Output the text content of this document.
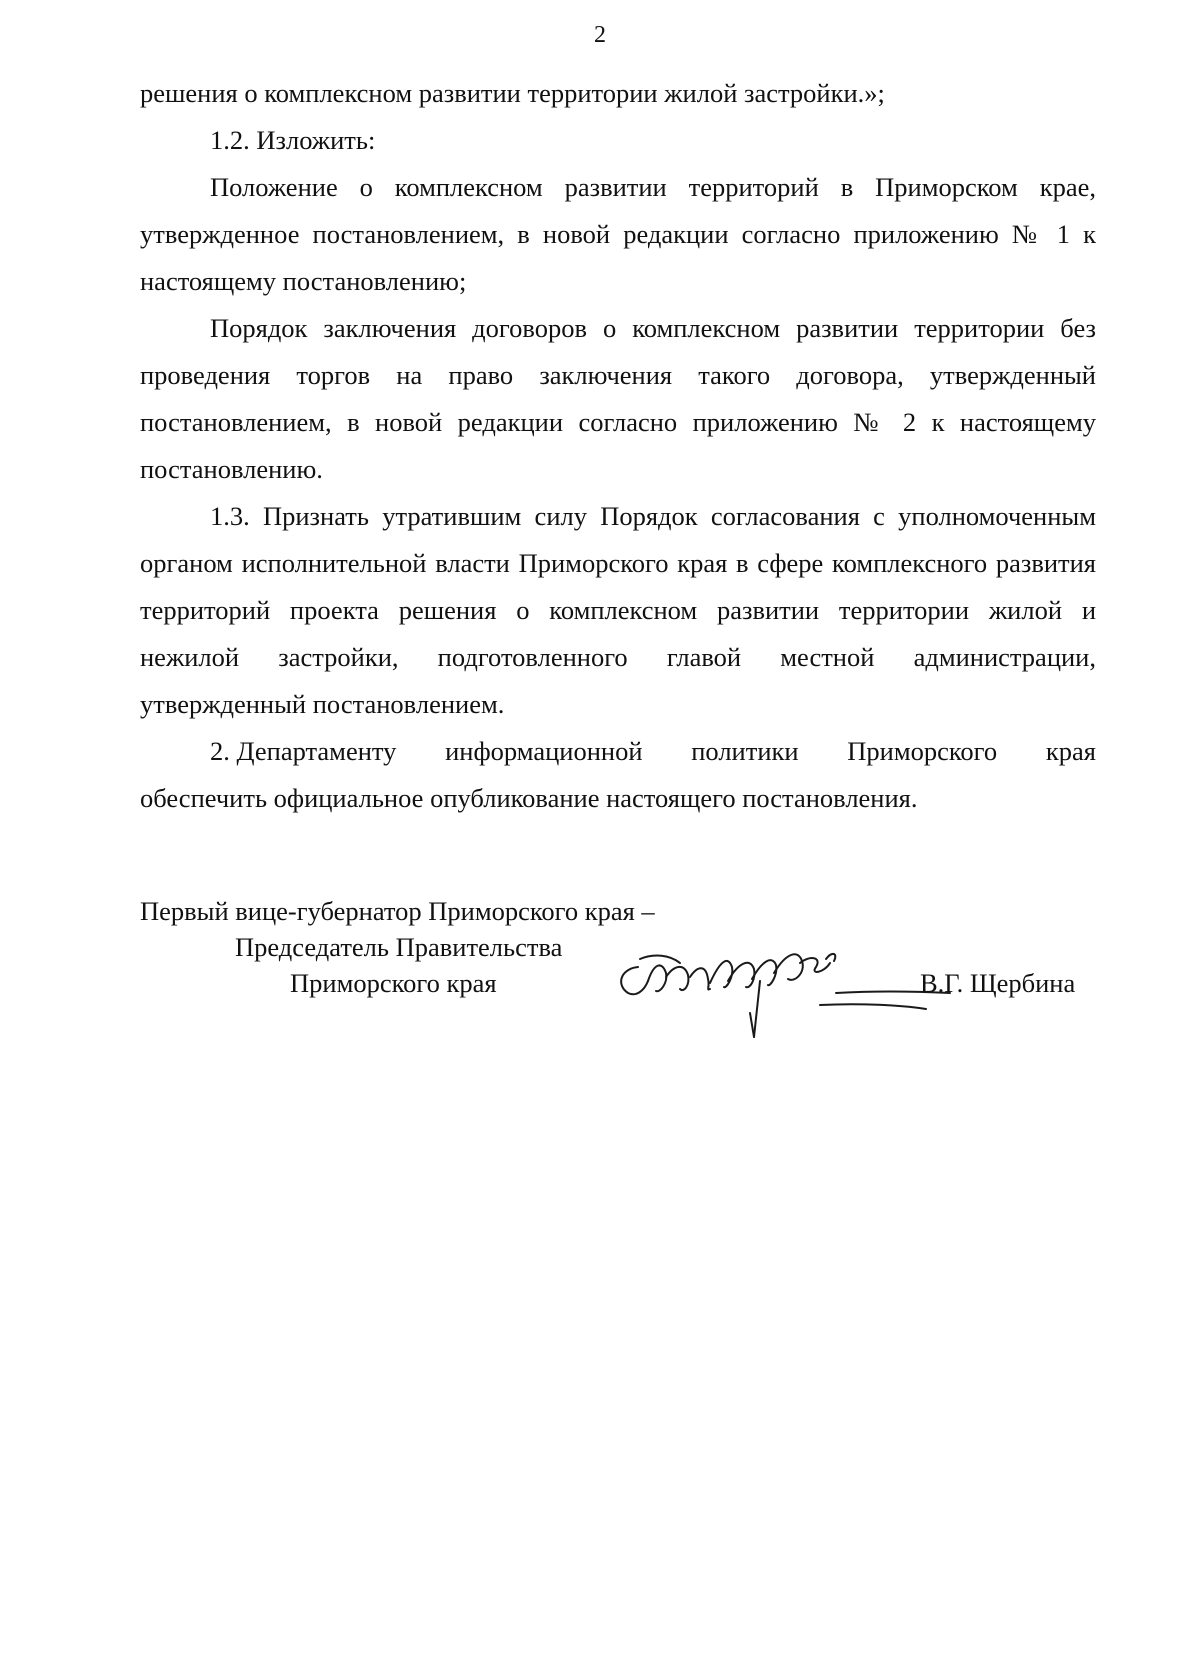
2

решения о комплексном развитии территории жилой застройки.»;

1.2. Изложить:

Положение о комплексном развитии территорий в Приморском крае, утвержденное постановлением, в новой редакции согласно приложению № 1 к настоящему постановлению;

Порядок заключения договоров о комплексном развитии территории без проведения торгов на право заключения такого договора, утвержденный постановлением, в новой редакции согласно приложению № 2 к настоящему постановлению.

1.3. Признать утратившим силу Порядок согласования с уполномоченным органом исполнительной власти Приморского края в сфере комплексного развития территорий проекта решения о комплексном развитии территории жилой и нежилой застройки, подготовленного главой местной администрации, утвержденный постановлением.

2. Департаменту информационной политики Приморского края

обеспечить официальное опубликование настоящего постановления.

Первый вице-губернатор Приморского края –
Председатель Правительства
Приморского края	В.Г. Щербина
